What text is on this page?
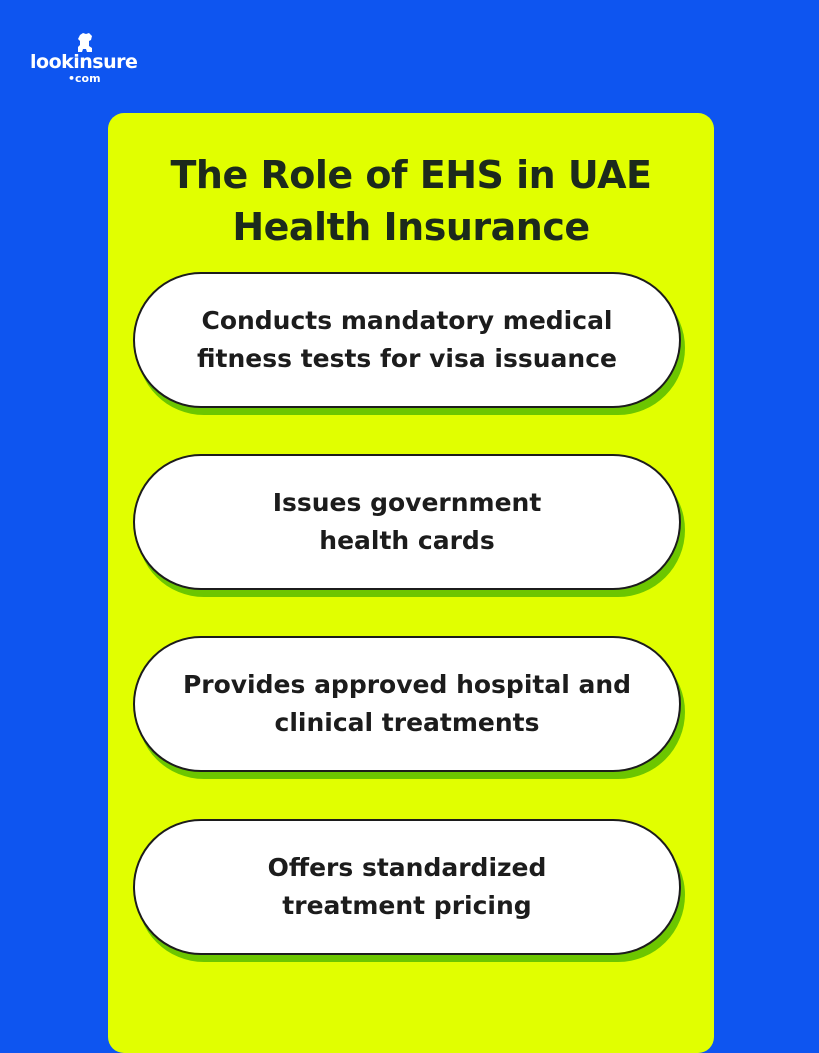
lookinsure
•com
The Role of EHS in UAE
Health Insurance
Conducts mandatory medical fitness tests for visa issuance
Issues government health cards
Provides approved hospital and clinical treatments
Offers standardized treatment pricing
